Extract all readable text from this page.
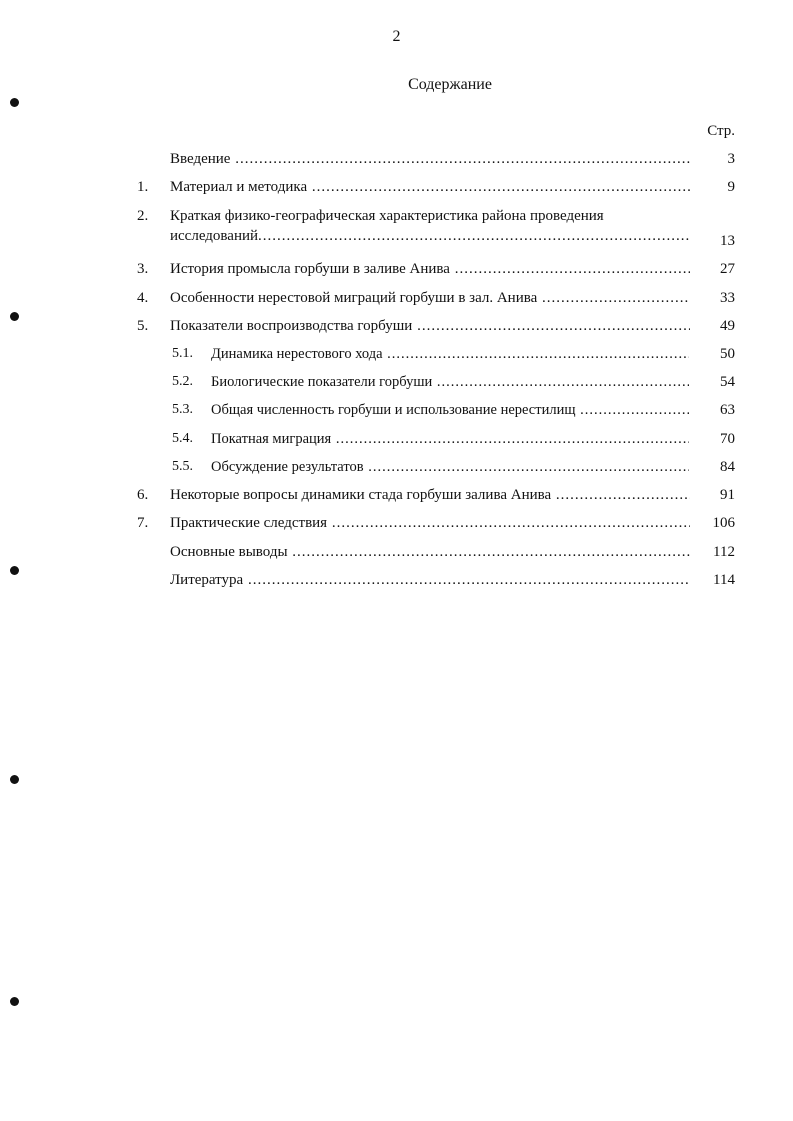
2
Содержание
Стр.
Введение .....	3
1. Материал и методика .....	9
2. Краткая физико-географическая характеристика района проведения
исследований .....	13
3. История промысла горбуши в заливе Анива .....	27
4. Особенности нерестовой миграций горбуши в зал. Анива .....	33
5. Показатели воспроизводства горбуши .....	49
5.1. Динамика нерестового хода .....	50
5.2. Биологические показатели горбуши .....	54
5.3. Общая численность горбуши и использование нерестилищ .....	63
5.4. Покатная миграция .....	70
5.5. Обсуждение результатов .....	84
6. Некоторые вопросы динамики стада горбуши залива Анива .....	91
7. Практические следствия .....	106
Основные выводы .....	112
Литература .....	114
